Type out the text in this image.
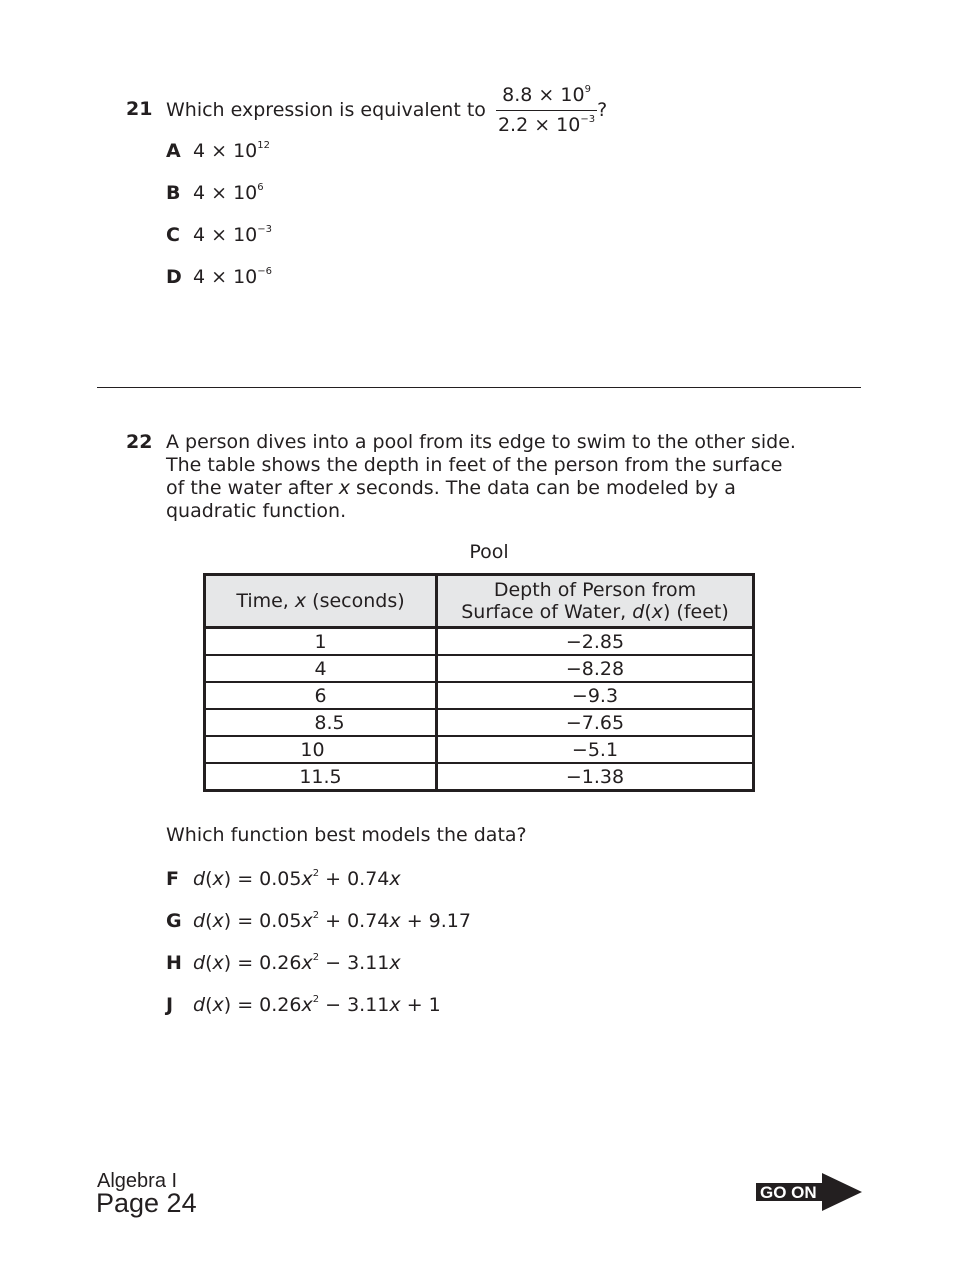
21 Which expression is equivalent to $\frac{8.8 \times 10^9}{2.2 \times 10^{-3}}$ ?
A $4 \times 10^{12}$
B $4 \times 10^6$
C $4 \times 10^{-3}$
D $4 \times 10^{-6}$
22 A person dives into a pool from its edge to swim to the other side.
The table shows the depth in feet of the person from the surface
of the water after x seconds. The data can be modeled by a
quadratic function.
Pool
Time, x (seconds)	Depth of Person from
Surface of Water, d(x) (feet)
1	−2.85
4	−8.28
6	−9.3
8.5	−7.65
10	−5.1
11.5	−1.38
Which function best models the data?
F $d(x) = 0.05x^2 + 0.74x$
G $d(x) = 0.05x^2 + 0.74x + 9.17$
H $d(x) = 0.26x^2 - 3.11x$
J $d(x) = 0.26x^2 - 3.11x + 1$
Algebra I
Page 24	GO ON
